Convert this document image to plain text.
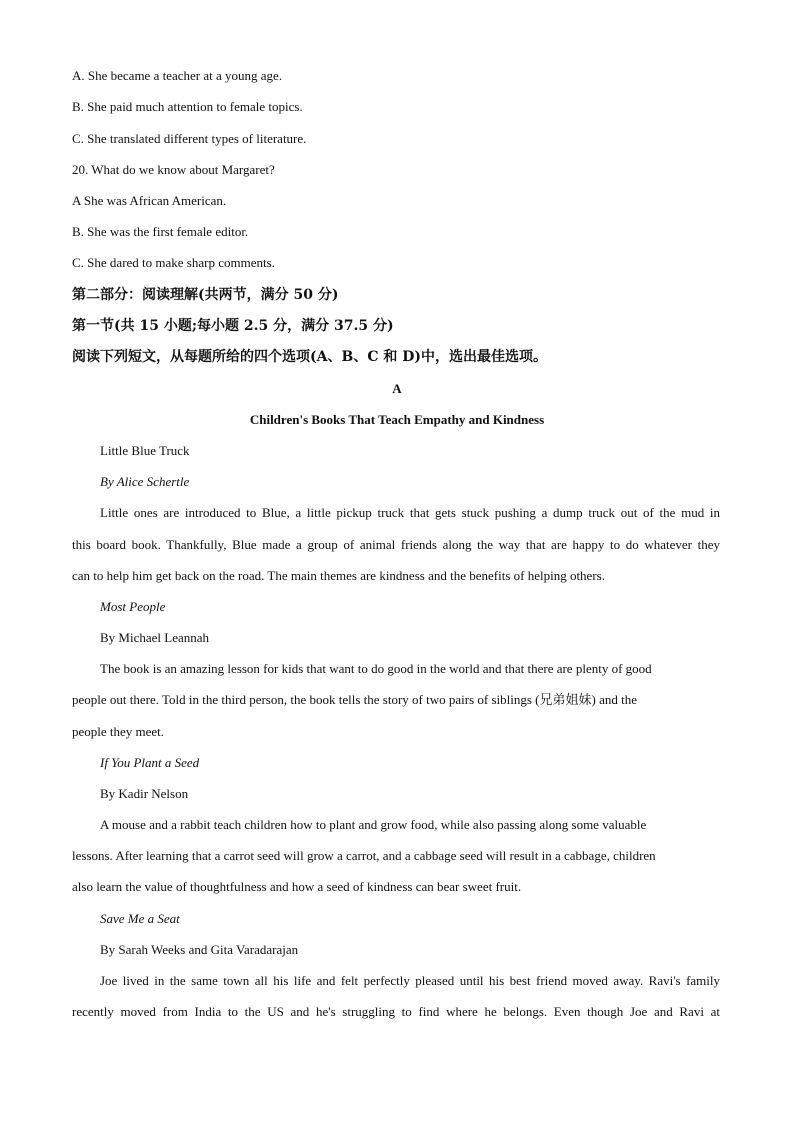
A. She became a teacher at a young age.
B. She paid much attention to female topics.
C. She translated different types of literature.
20. What do we know about Margaret?
A She was African American.
B. She was the first female editor.
C. She dared to make sharp comments.
第二部分：阅读理解(共两节，满分 50 分)
第一节(共 15 小题;每小题 2.5 分，满分 37.5 分)
阅读下列短文，从每题所给的四个选项(A、B、C 和 D)中，选出最佳选项。
A
Children's Books That Teach Empathy and Kindness
Little Blue Truck
By Alice Schertle
Little ones are introduced to Blue, a little pickup truck that gets stuck pushing a dump truck out of the mud in
this board book. Thankfully, Blue made a group of animal friends along the way that are happy to do whatever they
can to help him get back on the road. The main themes are kindness and the benefits of helping others.
Most People
By Michael Leannah
The book is an amazing lesson for kids that want to do good in the world and that there are plenty of good
people out there. Told in the third person, the book tells the story of two pairs of siblings (兄弟姐妹) and the
people they meet.
If You Plant a Seed
By Kadir Nelson
A mouse and a rabbit teach children how to plant and grow food, while also passing along some valuable
lessons. After learning that a carrot seed will grow a carrot, and a cabbage seed will result in a cabbage, children
also learn the value of thoughtfulness and how a seed of kindness can bear sweet fruit.
Save Me a Seat
By Sarah Weeks and Gita Varadarajan
Joe lived in the same town all his life and felt perfectly pleased until his best friend moved away. Ravi's family
recently moved from India to the US and he's struggling to find where he belongs. Even though Joe and Ravi at
